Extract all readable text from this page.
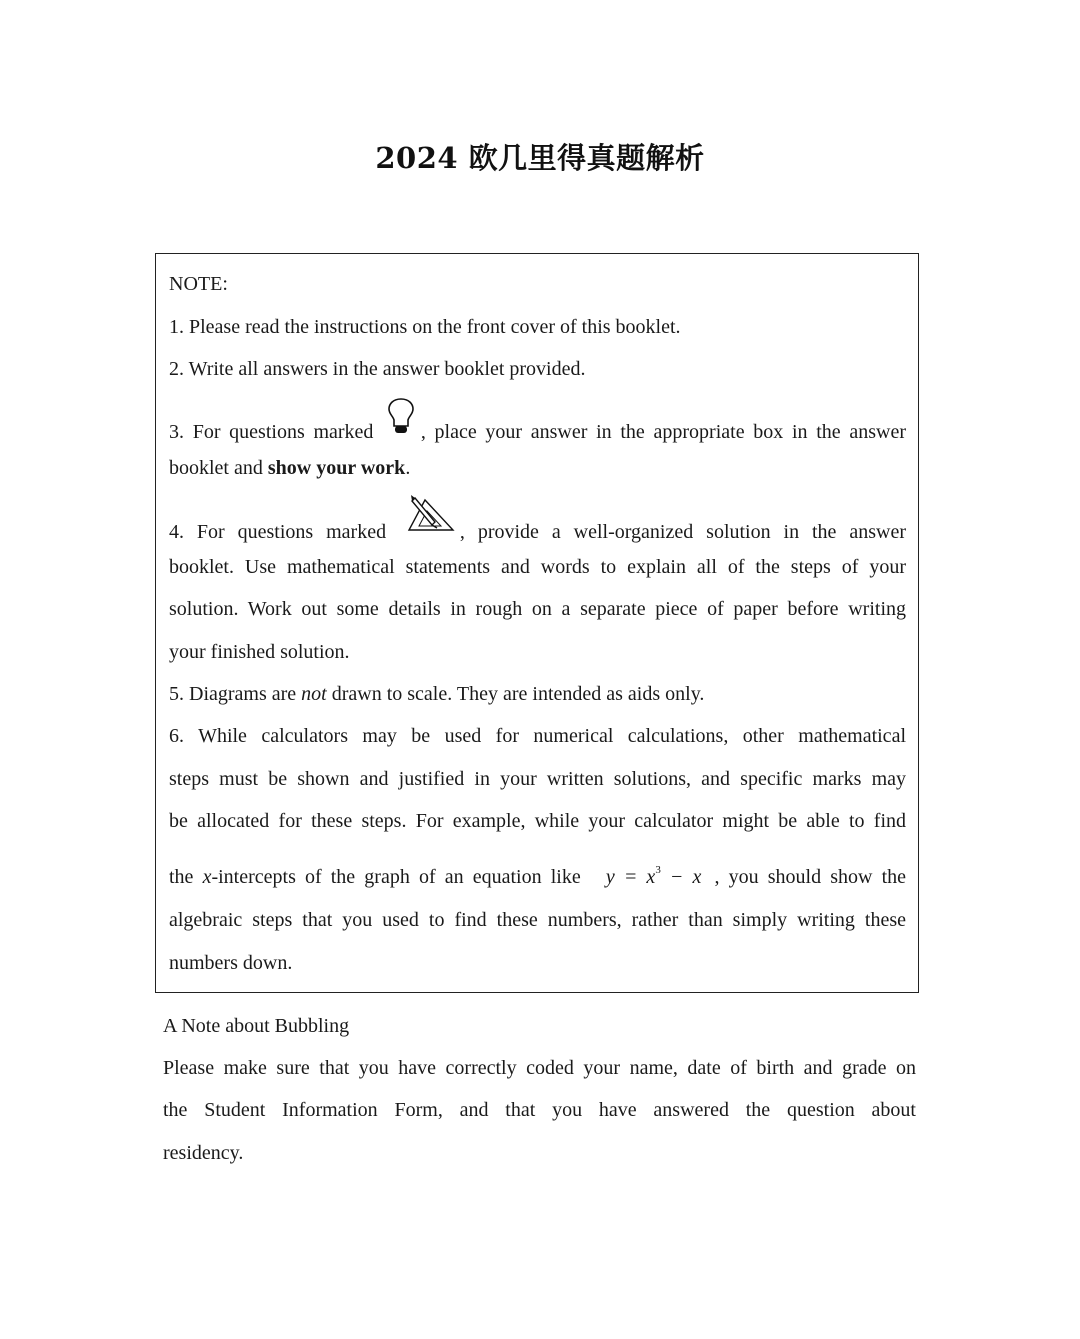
2024 欧几里得真题解析
NOTE:
1. Please read the instructions on the front cover of this booklet.
2. Write all answers in the answer booklet provided.
3. For questions marked , place your answer in the appropriate box in the answer
booklet and show your work.
4. For questions marked	, provide a well-organized solution in the answer
booklet. Use mathematical statements and words to explain all of the steps of your
solution. Work out some details in rough on a separate piece of paper before writing
your finished solution.
5. Diagrams are not drawn to scale. They are intended as aids only.
6. While calculators may be used for numerical calculations, other mathematical
steps must be shown and justified in your written solutions, and specific marks may
be allocated for these steps. For example, while your calculator might be able to find
the x-intercepts of the graph of an equation like $y = x^3 - x$ , you should show the
algebraic steps that you used to find these numbers, rather than simply writing these
numbers down.
A Note about Bubbling
Please make sure that you have correctly coded your name, date of birth and grade on
the Student Information Form, and that you have answered the question about
residency.
